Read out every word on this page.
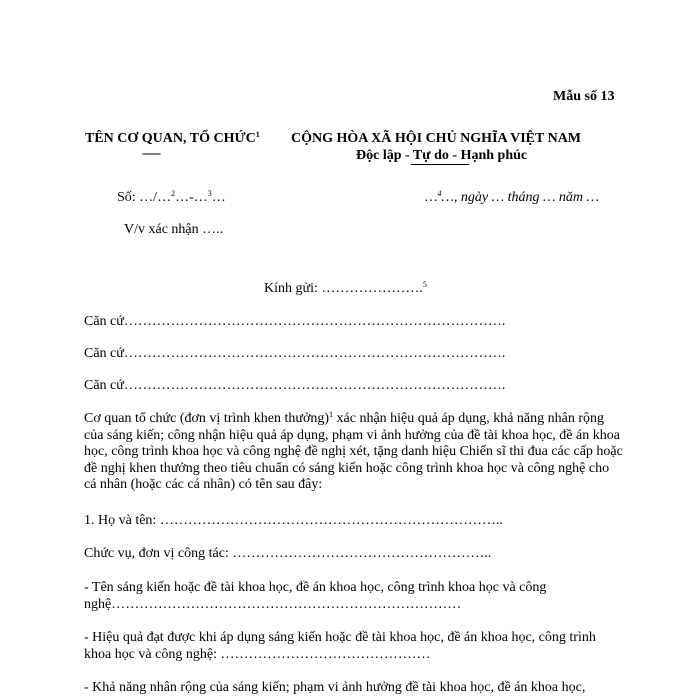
Mẫu số 13
TÊN CƠ QUAN, TỔ CHỨC$^1$
------
CỘNG HÒA XÃ HỘI CHỦ NGHĨA VIỆT NAM
Độc lập - Tự do - Hạnh phúc
Số: …/…$^2$…-…$^3$…	…$^4$…, ngày … tháng … năm …
V/v xác nhận …..
Kính gửi: ………………….$^5$
Căn cứ……………………………………………………………………….
Căn cứ……………………………………………………………………….
Căn cứ……………………………………………………………………….
Cơ quan tổ chức (đơn vị trình khen thưởng)$^1$ xác nhận hiệu quả áp dụng, khả năng nhân rộng của sáng kiến; công nhận hiệu quả áp dụng, phạm vi ảnh hưởng của đề tài khoa học, đề án khoa học, công trình khoa học và công nghệ đề nghị xét, tặng danh hiệu Chiến sĩ thi đua các cấp hoặc đề nghị khen thưởng theo tiêu chuẩn có sáng kiến hoặc công trình khoa học và công nghệ cho cá nhân (hoặc các cá nhân) có tên sau đây:
1. Họ và tên: ………………………………………………………………..
Chức vụ, đơn vị công tác: ………………………………………………..
- Tên sáng kiến hoặc đề tài khoa học, đề án khoa học, công trình khoa học và công nghệ…………………………………………………………………
- Hiệu quả đạt được khi áp dụng sáng kiến hoặc đề tài khoa học, đề án khoa học, công trình khoa học và công nghệ: ………………………………………
- Khả năng nhân rộng của sáng kiến; phạm vi ảnh hưởng đề tài khoa học, đề án khoa học,
